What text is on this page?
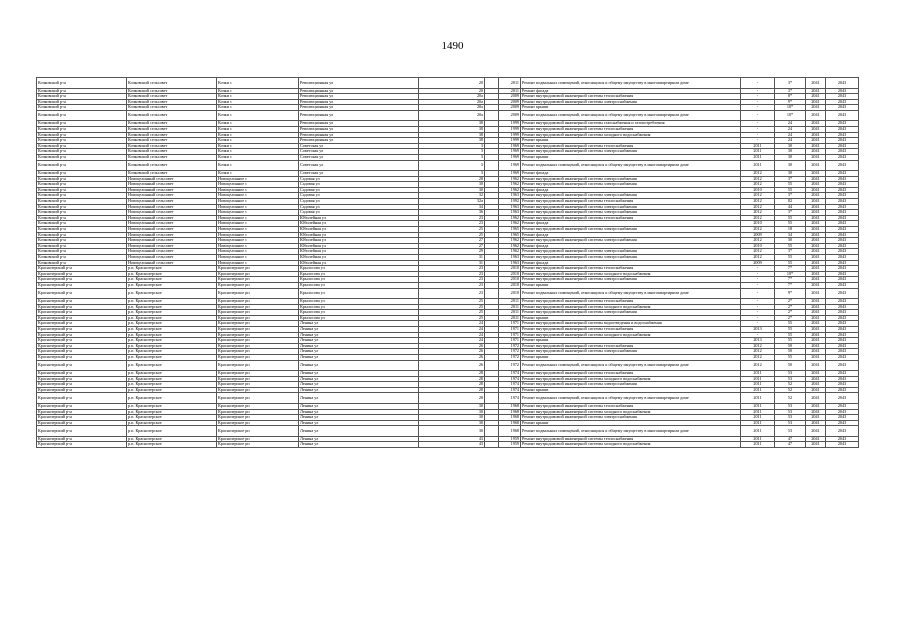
1490
Кочковский р-н	Кочковский сельсовет	Кочки с	Революционная ул	20		2011	Ремонт подвальных помещений, относящихся к общему имуществу в многоквартирном доме	-	3*	2041	2043
Кочковский р-н	Кочковский сельсовет	Кочки с	Революционная ул	20		2011	Ремонт фасада	-	3*	2041	2043
Кочковский р-н	Кочковский сельсовет	Кочки с	Революционная ул	20а		2009	Ремонт внутридомовой инженерной системы теплоснабжения	-	8*	2041	2043
Кочковский р-н	Кочковский сельсовет	Кочки с	Революционная ул	20а		2009	Ремонт внутридомовой инженерной системы электроснабжения	-	9*	2041	2043
Кочковский р-н	Кочковский сельсовет	Кочки с	Революционная ул	20а		2009	Ремонт крыши	-	10*	2041	2043
Кочковский р-н	Кочковский сельсовет	Кочки с	Революционная ул	20а		2009	Ремонт подвальных помещений, относящихся к общему имуществу в многоквартирном доме	-	10*	2041	2043
Кочковский р-н	Кочковский сельсовет	Кочки с	Революционная ул	38		1999	Ремонт внутридомовой инженерной системы газоснабжения и газопотребления	-	24	2041	2043
Кочковский р-н	Кочковский сельсовет	Кочки с	Революционная ул	38		1999	Ремонт внутридомовой инженерной системы теплоснабжения	-	24	2041	2043
Кочковский р-н	Кочковский сельсовет	Кочки с	Революционная ул	38		1999	Ремонт внутридомовой инженерной системы холодного водоснабжения	-	24	2041	2043
Кочковский р-н	Кочковский сельсовет	Кочки с	Революционная ул	38		1999	Ремонт крыши	-	24	2041	2043
Кочковский р-н	Кочковский сельсовет	Кочки с	Советская ул	3		1969	Ремонт внутридомовой инженерной системы теплоснабжения	2011	30	2041	2043
Кочковский р-н	Кочковский сельсовет	Кочки с	Советская ул	3		1969	Ремонт внутридомовой инженерной системы электроснабжения	2011	30	2041	2043
Кочковский р-н	Кочковский сельсовет	Кочки с	Советская ул	3		1969	Ремонт крыши	2011	30	2041	2043
Кочковский р-н	Кочковский сельсовет	Кочки с	Советская ул	3		1969	Ремонт подвальных помещений, относящихся к общему имуществу в многоквартирном доме	2011	30	2041	2043
Кочковский р-н	Кочковский сельсовет	Кочки с	Советская ул	3		1969	Ремонт фасада	2012	30	2041	2043
Кочковский р-н	Новоцелинный сельсовет	Новоцелинное с	Садовая ул	28		1962	Ремонт внутридомовой инженерной системы электроснабжения	2012	3*	2041	2043
Кочковский р-н	Новоцелинный сельсовет	Новоцелинное с	Садовая ул	30		1962	Ремонт внутридомовой инженерной системы электроснабжения	2012	55	2041	2043
Кочковский р-н	Новоцелинный сельсовет	Новоцелинное с	Садовая ул	30		1962	Ремонт фасада	2010	55	2041	2043
Кочковский р-н	Новоцелинный сельсовет	Новоцелинное с	Садовая ул	32		1963	Ремонт внутридомовой инженерной системы электроснабжения	2012	3*	2041	2043
Кочковский р-н	Новоцелинный сельсовет	Новоцелинное с	Садовая ул	32а		1992	Ремонт внутридомовой инженерной системы теплоснабжения	2012	82	2041	2043
Кочковский р-н	Новоцелинный сельсовет	Новоцелинное с	Садовая ул	34		1963	Ремонт внутридомовой инженерной системы электроснабжения	2012	44	2041	2043
Кочковский р-н	Новоцелинный сельсовет	Новоцелинное с	Садовая ул	36		1963	Ремонт внутридомовой инженерной системы электроснабжения	2012	3*	2041	2043
Кочковский р-н	Новоцелинный сельсовет	Новоцелинное с	Юбилейная ул	23		1962	Ремонт внутридомовой инженерной системы теплоснабжения	2012	55	2041	2043
Кочковский р-н	Новоцелинный сельсовет	Новоцелинное с	Юбилейная ул	23		1962	Ремонт фасада	2010	55	2041	2043
Кочковский р-н	Новоцелинный сельсовет	Новоцелинное с	Юбилейная ул	25		1965	Ремонт внутридомовой инженерной системы электроснабжения	2012	18	2041	2043
Кочковский р-н	Новоцелинный сельсовет	Новоцелинное с	Юбилейная ул	25		1965	Ремонт фасада	2009	34	2041	2043
Кочковский р-н	Новоцелинный сельсовет	Новоцелинное с	Юбилейная ул	27		1962	Ремонт внутридомовой инженерной системы электроснабжения	2012	30	2041	2043
Кочковский р-н	Новоцелинный сельсовет	Новоцелинное с	Юбилейная ул	27		1962	Ремонт фасада	2010	55	2041	2043
Кочковский р-н	Новоцелинный сельсовет	Новоцелинное с	Юбилейная ул	29		1962	Ремонт внутридомовой инженерной системы электроснабжения	2012	3*	2041	2043
Кочковский р-н	Новоцелинный сельсовет	Новоцелинное с	Юбилейная ул	31		1963	Ремонт внутридомовой инженерной системы электроснабжения	2012	55	2041	2043
Кочковский р-н	Новоцелинный сельсовет	Новоцелинное с	Юбилейная ул	31		1963	Ремонт фасада	2009	55	2041	2043
Краснозерский р-н	р.п. Краснозерское	Краснозерское рп	Крылосова ул	23		2010	Ремонт внутридомовой инженерной системы теплоснабжения	-	7*	2041	2043
Краснозерский р-н	р.п. Краснозерское	Краснозерское рп	Крылосова ул	23		2010	Ремонт внутридомовой инженерной системы холодного водоснабжения	-	10*	2041	2043
Краснозерский р-н	р.п. Краснозерское	Краснозерское рп	Крылосова ул	23		2010	Ремонт внутридомовой инженерной системы электроснабжения	-	7*	2041	2043
Краснозерский р-н	р.п. Краснозерское	Краснозерское рп	Крылосова ул	23		2010	Ремонт крыши	-	7*	2041	2043
Краснозерский р-н	р.п. Краснозерское	Краснозерское рп	Крылосова ул	23		2010	Ремонт подвальных помещений, относящихся к общему имуществу в многоквартирном доме	-	9*	2041	2043
Краснозерский р-н	р.п. Краснозерское	Краснозерское рп	Крылосова ул	25		2011	Ремонт внутридомовой инженерной системы теплоснабжения	-	2*	2041	2043
Краснозерский р-н	р.п. Краснозерское	Краснозерское рп	Крылосова ул	25		2011	Ремонт внутридомовой инженерной системы холодного водоснабжения	-	2*	2041	2043
Краснозерский р-н	р.п. Краснозерское	Краснозерское рп	Крылосова ул	25		2011	Ремонт внутридомовой инженерной системы электроснабжения	-	2*	2041	2043
Краснозерский р-н	р.п. Краснозерское	Краснозерское рп	Крылосова ул	25		2011	Ремонт крыши	-	2*	2041	2043
Краснозерский р-н	р.п. Краснозерское	Краснозерское рп	Ленина ул	24		1971	Ремонт внутридомовой инженерной системы водоотведения и водоснабжения	-	55	2041	2043
Краснозерский р-н	р.п. Краснозерское	Краснозерское рп	Ленина ул	24		1971	Ремонт внутридомовой инженерной системы теплоснабжения	2013	55	2041	2043
Краснозерский р-н	р.п. Краснозерское	Краснозерское рп	Ленина ул	24		1971	Ремонт внутридомовой инженерной системы холодного водоснабжения	-	55	2041	2043
Краснозерский р-н	р.п. Краснозерское	Краснозерское рп	Ленина ул	24		1971	Ремонт крыши	2013	55	2041	2043
Краснозерский р-н	р.п. Краснозерское	Краснозерское рп	Ленина ул	26		1972	Ремонт внутридомовой инженерной системы теплоснабжения	2012	50	2041	2043
Краснозерский р-н	р.п. Краснозерское	Краснозерское рп	Ленина ул	26		1972	Ремонт внутридомовой инженерной системы электроснабжения	2012	50	2041	2043
Краснозерский р-н	р.п. Краснозерское	Краснозерское рп	Ленина ул	26		1972	Ремонт крыши	2012	55	2041	2043
Краснозерский р-н	р.п. Краснозерское	Краснозерское рп	Ленина ул	26		1972	Ремонт подвальных помещений, относящихся к общему имуществу в многоквартирном доме	2012	50	2041	2043
Краснозерский р-н	р.п. Краснозерское	Краснозерское рп	Ленина ул	28		1974	Ремонт внутридомовой инженерной системы теплоснабжения	2011	53	2041	2043
Краснозерский р-н	р.п. Краснозерское	Краснозерское рп	Ленина ул	28		1974	Ремонт внутридомовой инженерной системы холодного водоснабжения	2011	53	2041	2043
Краснозерский р-н	р.п. Краснозерское	Краснозерское рп	Ленина ул	28		1974	Ремонт внутридомовой инженерной системы электроснабжения	2011	52	2041	2043
Краснозерский р-н	р.п. Краснозерское	Краснозерское рп	Ленина ул	28		1974	Ремонт крыши	2011	52	2041	2043
Краснозерский р-н	р.п. Краснозерское	Краснозерское рп	Ленина ул	28		1974	Ремонт подвальных помещений, относящихся к общему имуществу в многоквартирном доме	2011	52	2041	2043
Краснозерский р-н	р.п. Краснозерское	Краснозерское рп	Ленина ул	30		1968	Ремонт внутридомовой инженерной системы теплоснабжения	2011	53	2041	2043
Краснозерский р-н	р.п. Краснозерское	Краснозерское рп	Ленина ул	30		1968	Ремонт внутридомовой инженерной системы холодного водоснабжения	2011	53	2041	2043
Краснозерский р-н	р.п. Краснозерское	Краснозерское рп	Ленина ул	30		1968	Ремонт внутридомовой инженерной системы электроснабжения	2011	53	2041	2043
Краснозерский р-н	р.п. Краснозерское	Краснозерское рп	Ленина ул	30		1968	Ремонт крыши	2011	53	2041	2043
Краснозерский р-н	р.п. Краснозерское	Краснозерское рп	Ленина ул	30		1968	Ремонт подвальных помещений, относящихся к общему имуществу в многоквартирном доме	2011	53	2041	2043
Краснозерский р-н	р.п. Краснозерское	Краснозерское рп	Ленина ул	43		1959	Ремонт внутридомовой инженерной системы теплоснабжения	2011	47	2041	2043
Краснозерский р-н	р.п. Краснозерское	Краснозерское рп	Ленина ул	43		1959	Ремонт внутридомовой инженерной системы холодного водоснабжения	2011	47	2041	2043
